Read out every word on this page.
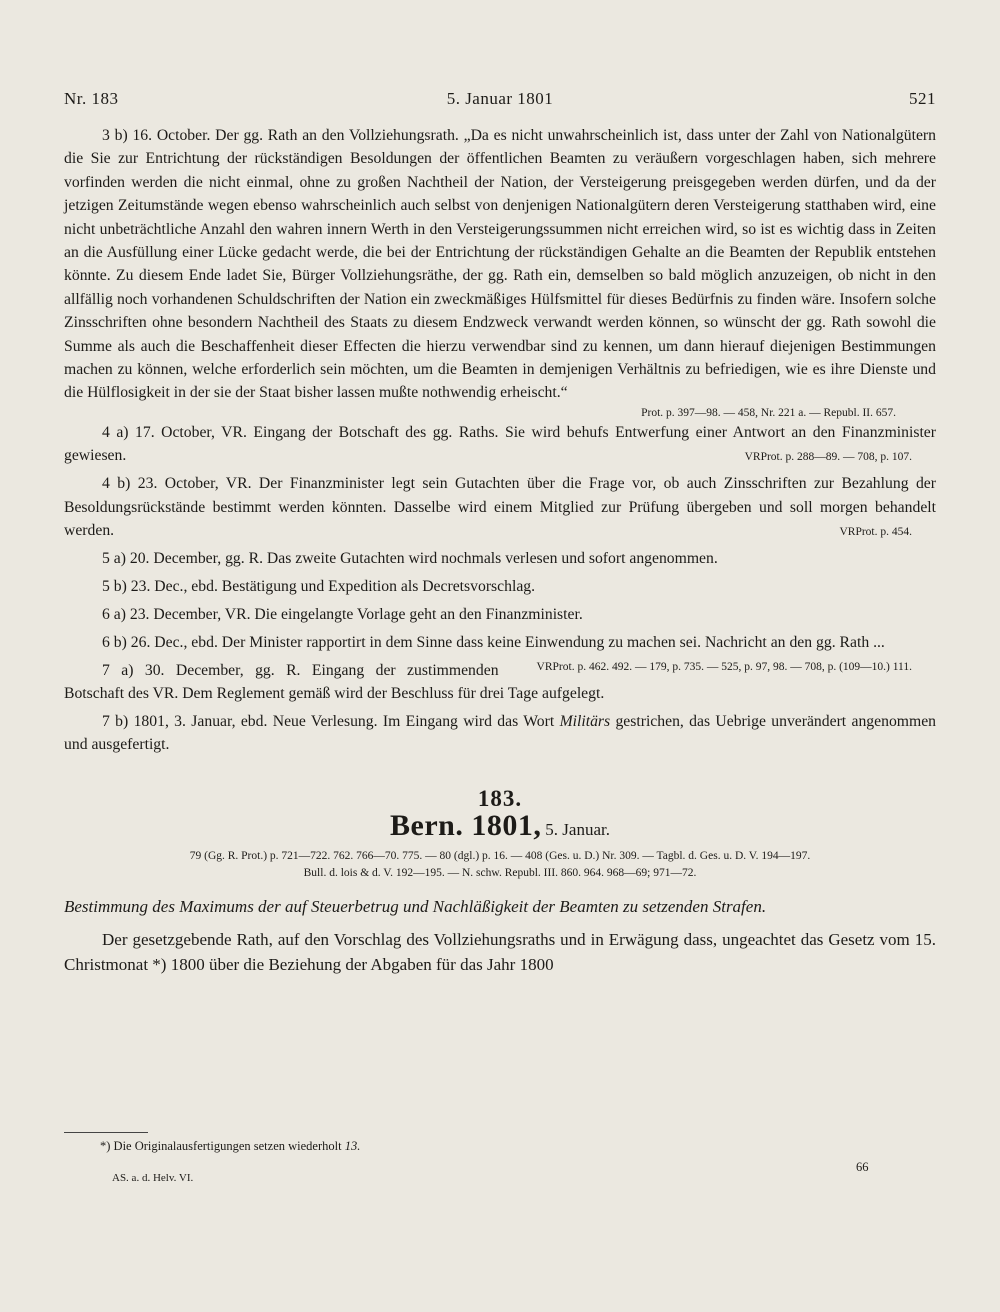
5. Januar 1801
Nr. 183	521

3 b) 16. October. Der gg. Rath an den Vollziehungsrath. „Da es nicht unwahrscheinlich ist, dass unter der Zahl von Nationalgütern die Sie zur Entrichtung der rückständigen Besoldungen der öffentlichen Beamten zu veräußern vorgeschlagen haben, sich mehrere vorfinden werden die nicht einmal, ohne zu großen Nachtheil der Nation, der Versteigerung preisgegeben werden dürfen, und da der jetzigen Zeitumstände wegen ebenso wahrscheinlich auch selbst von denjenigen Nationalgütern deren Versteigerung statthaben wird, eine nicht unbeträchtliche Anzahl den wahren innern Werth in den Versteigerungssummen nicht erreichen wird, so ist es wichtig dass in Zeiten an die Ausfüllung einer Lücke gedacht werde, die bei der Entrichtung der rückständigen Gehalte an die Beamten der Republik entstehen könnte. Zu diesem Ende ladet Sie, Bürger Vollziehungsräthe, der gg. Rath ein, demselben so bald möglich anzuzeigen, ob nicht in den allfällig noch vorhandenen Schuldschriften der Nation ein zweckmäßiges Hülfsmittel für dieses Bedürfnis zu finden wäre. Insofern solche Zinsschriften ohne besondern Nachtheil des Staats zu diesem Endzweck verwandt werden können, so wünscht der gg. Rath sowohl die Summe als auch die Beschaffenheit dieser Effecten die hierzu verwendbar sind zu kennen, um dann hierauf diejenigen Bestimmungen machen zu können, welche erforderlich sein möchten, um die Beamten in demjenigen Verhältnis zu befriedigen, wie es ihre Dienste und die Hülflosigkeit in der sie der Staat bisher lassen mußte nothwendig erheischt.“

Prot. p. 397—98. — 458, Nr. 221 a. — Republ. II. 657.

4 a) 17. October, VR. Eingang der Botschaft des gg. Raths. Sie wird behufs Entwerfung einer Antwort an den Finanzminister gewiesen.	VRProt. p. 288—89. — 708, p. 107.

4 b) 23. October, VR. Der Finanzminister legt sein Gutachten über die Frage vor, ob auch Zinsschriften zur Bezahlung der Besoldungsrückstände bestimmt werden könnten. Dasselbe wird einem Mitglied zur Prüfung übergeben und soll morgen behandelt werden.	VRProt. p. 454.

5 a) 20. December, gg. R. Das zweite Gutachten wird nochmals verlesen und sofort angenommen.

5 b) 23. Dec., ebd. Bestätigung und Expedition als Decretsvorschlag.

6 a) 23. December, VR. Die eingelangte Vorlage geht an den Finanzminister.

6 b) 26. Dec., ebd. Der Minister rapportirt in dem Sinne dass keine Einwendung zu machen sei. Nachricht an den gg. Rath ...
VRProt. p. 462. 492. — 179, p. 735. — 525, p. 97, 98. — 708, p. (109—10.) 111.

7 a) 30. December, gg. R. Eingang der zustimmenden Botschaft des VR. Dem Reglement gemäß wird der Beschluss für drei Tage aufgelegt.

7 b) 1801, 3. Januar, ebd. Neue Verlesung. Im Eingang wird das Wort Militärs gestrichen, das Uebrige unverändert angenommen und ausgefertigt.

183.

Bern. 1801, 5. Januar.

79 (Gg. R. Prot.) p. 721—722. 762. 766—70. 775. — 80 (dgl.) p. 16. — 408 (Ges. u. D.) Nr. 309. — Tagbl. d. Ges. u. D. V. 194—197.
Bull. d. lois & d. V. 192—195. — N. schw. Republ. III. 860. 964. 968—69; 971—72.

Bestimmung des Maximums der auf Steuerbetrug und Nachläßigkeit der Beamten zu setzenden Strafen.

Der gesetzgebende Rath, auf den Vorschlag des Vollziehungsraths und in Erwägung dass, ungeachtet das Gesetz vom 15. Christmonat *) 1800 über die Beziehung der Abgaben für das Jahr 1800

*) Die Originalausfertigungen setzen wiederholt 13.
66
AS. a. d. Helv. VI.
